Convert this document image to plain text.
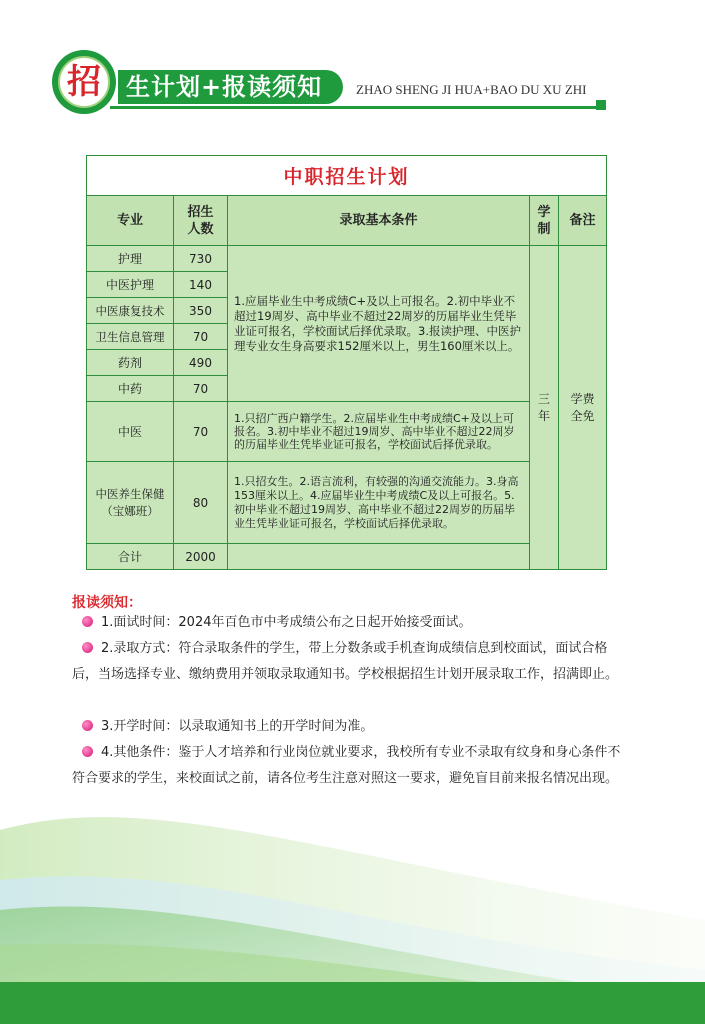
生计划+报读须知
招	ZHAO SHENG JI HUA+BAO DU XU ZHI
中职招生计划				
专业	招生人数	录取基本条件	学制	备注
护理	730	1.应届毕业生中考成绩C+及以上可报名。2.初中毕业不超过19周岁、高中毕业不超过22周岁的历届毕业生凭毕业证可报名，学校面试后择优录取。3.报读护理、中医护理专业女生身高要求152厘米以上，男生160厘米以上。	三年	学费全免
中医护理	140			
中医康复技术	350			
卫生信息管理	70			
药剂	490			
中药	70			
中医	70	1.只招广西户籍学生。2.应届毕业生中考成绩C+及以上可报名。3.初中毕业不超过19周岁、高中毕业不超过22周岁的历届毕业生凭毕业证可报名，学校面试后择优录取。		
中医养生保健（宝娜班）	80	1.只招女生。2.语言流利，有较强的沟通交流能力。3.身高153厘米以上。4.应届毕业生中考成绩C及以上可报名。5.初中毕业不超过19周岁、高中毕业不超过22周岁的历届毕业生凭毕业证可报名，学校面试后择优录取。		
合计	2000			
报读须知：
1.面试时间：2024年百色市中考成绩公布之日起开始接受面试。
2.录取方式：符合录取条件的学生，带上分数条或手机查询成绩信息到校面试，面试合格后，当场选择专业、缴纳费用并领取录取通知书。学校根据招生计划开展录取工作，招满即止。
3.开学时间：以录取通知书上的开学时间为准。
4.其他条件：鉴于人才培养和行业岗位就业要求，我校所有专业不录取有纹身和身心条件不符合要求的学生，来校面试之前，请各位考生注意对照这一要求，避免盲目前来报名情况出现。
